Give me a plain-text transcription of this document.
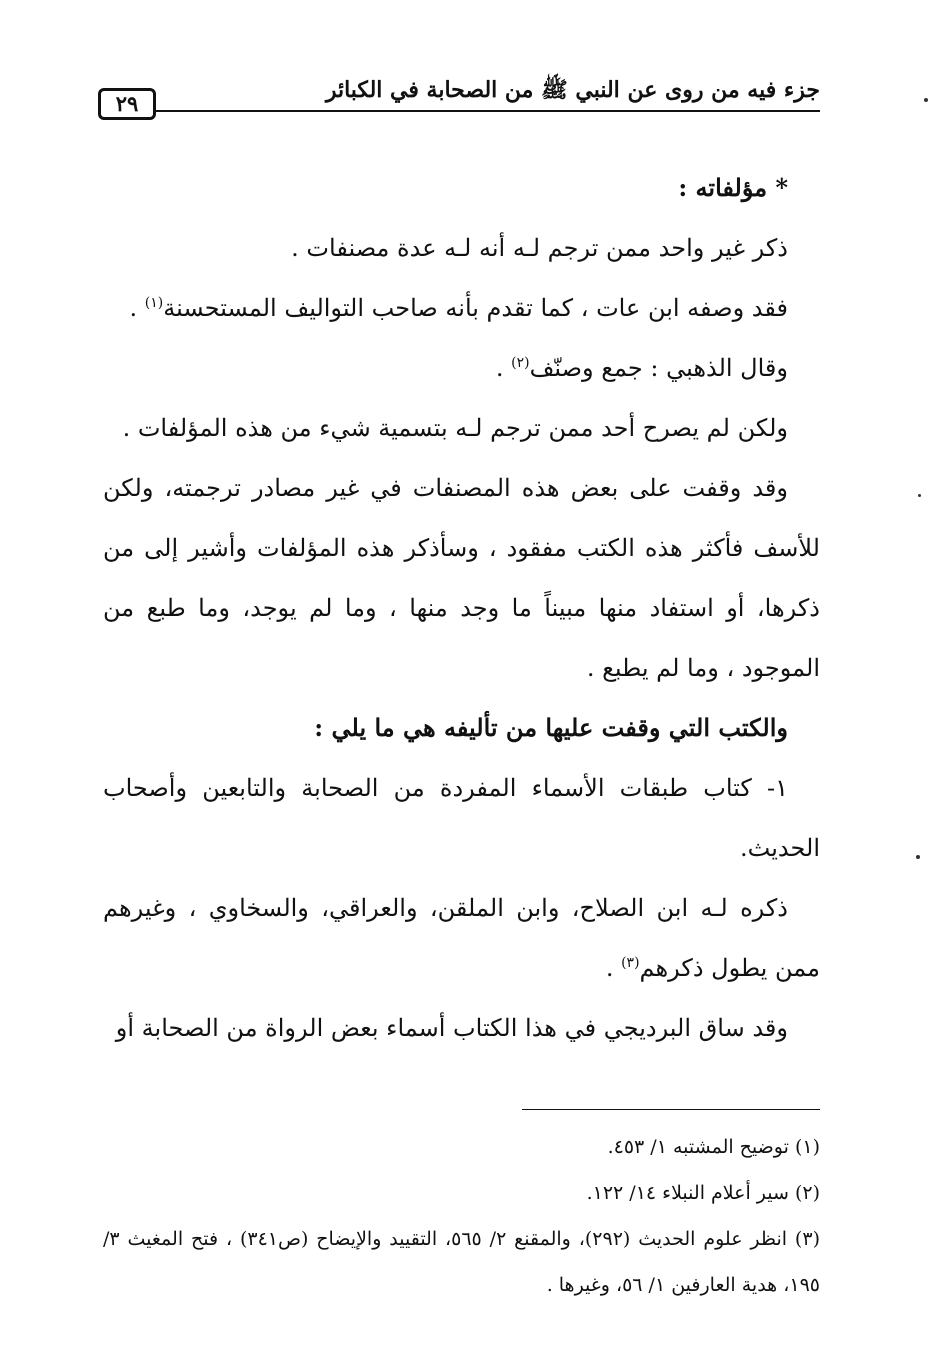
٢٩
جزء فيه من روى عن النبي ﷺ من الصحابة في الكبائر

* مؤلفاته :

ذكر غير واحد ممن ترجم لـه أنه لـه عدة مصنفات .

فقد وصفه ابن عات ، كما تقدم بأنه صاحب التواليف المستحسنة$^{(١)}$ .

وقال الذهبي : جمع وصنّف$^{(٢)}$ .

ولكن لم يصرح أحد ممن ترجم لـه بتسمية شيء من هذه المؤلفات .

وقد وقفت على بعض هذه المصنفات في غير مصادر ترجمته، ولكن للأسف فأكثر هذه الكتب مفقود ، وسأذكر هذه المؤلفات وأشير إلى من ذكرها، أو استفاد منها مبيناً ما وجد منها ، وما لم يوجد، وما طبع من الموجود ، وما لم يطبع .

والكتب التي وقفت عليها من تأليفه هي ما يلي :

١- كتاب طبقات الأسماء المفردة من الصحابة والتابعين وأصحاب الحديث.

ذكره لـه ابن الصلاح، وابن الملقن، والعراقي، والسخاوي ، وغيرهم ممن يطول ذكرهم$^{(٣)}$ .

وقد ساق البرديجي في هذا الكتاب أسماء بعض الرواة من الصحابة أو

(١) توضيح المشتبه ١/ ٤٥٣.

(٢) سير أعلام النبلاء ١٤/ ١٢٢.

(٣) انظر علوم الحديث (٢٩٢)، والمقنع ٢/ ٥٦٥، التقييد والإيضاح (ص٣٤١) ، فتح المغيث ٣/ ١٩٥، هدية العارفين ١/ ٥٦، وغيرها .
